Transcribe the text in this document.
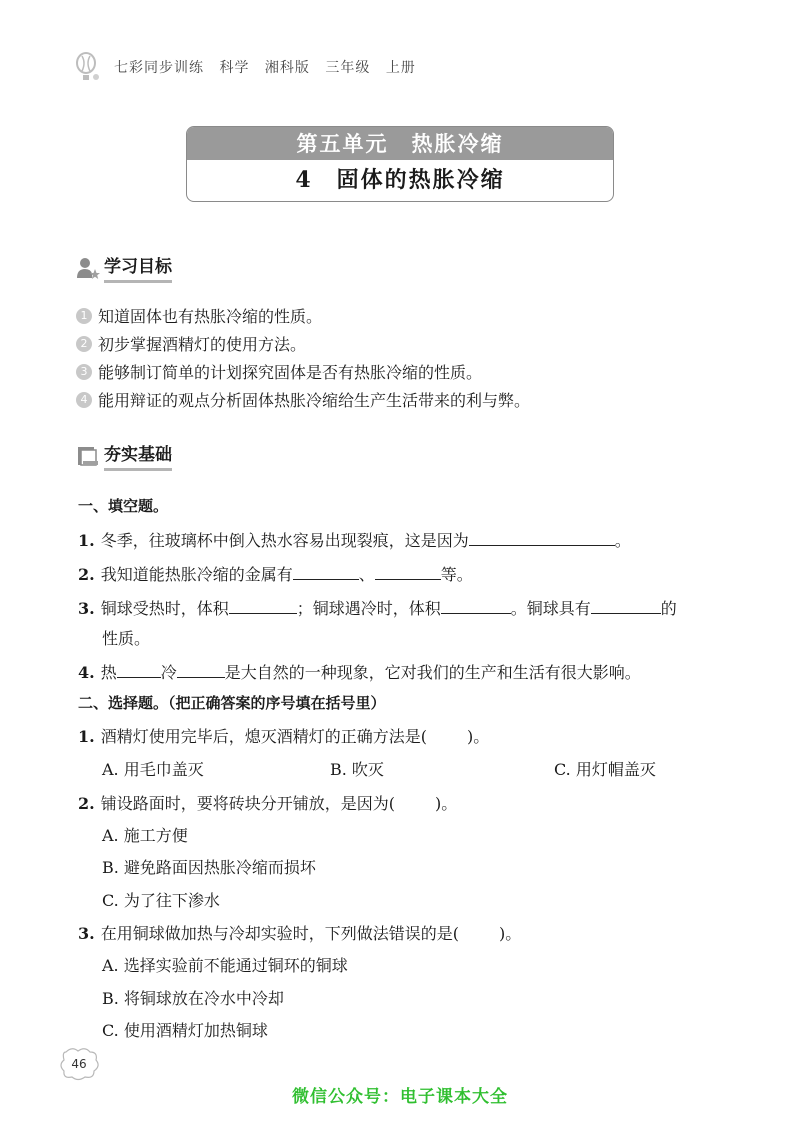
七彩同步训练 科学 湘科版 三年级 上册
第五单元　热胀冷缩
4　固体的热胀冷缩
学习目标
1 知道固体也有热胀冷缩的性质。
2 初步掌握酒精灯的使用方法。
3 能够制订简单的计划探究固体是否有热胀冷缩的性质。
4 能用辩证的观点分析固体热胀冷缩给生产生活带来的利与弊。
夯实基础
一、填空题。
1. 冬季，往玻璃杯中倒入热水容易出现裂痕，这是因为	。
2. 我知道能热胀冷缩的金属有	、	等。
3. 铜球受热时，体积	；铜球遇冷时，体积	。铜球具有	的
性质。
4. 热	冷	是大自然的一种现象，它对我们的生产和生活有很大影响。
二、选择题。（把正确答案的序号填在括号里）
1. 酒精灯使用完毕后，熄灭酒精灯的正确方法是(	)。
A. 用毛巾盖灭	B. 吹灭	C. 用灯帽盖灭
2. 铺设路面时，要将砖块分开铺放，是因为(	)。
A. 施工方便
B. 避免路面因热胀冷缩而损坏
C. 为了往下渗水
3. 在用铜球做加热与冷却实验时，下列做法错误的是(	)。
A. 选择实验前不能通过铜环的铜球
B. 将铜球放在冷水中冷却
C. 使用酒精灯加热铜球
46
微信公众号：电子课本大全
